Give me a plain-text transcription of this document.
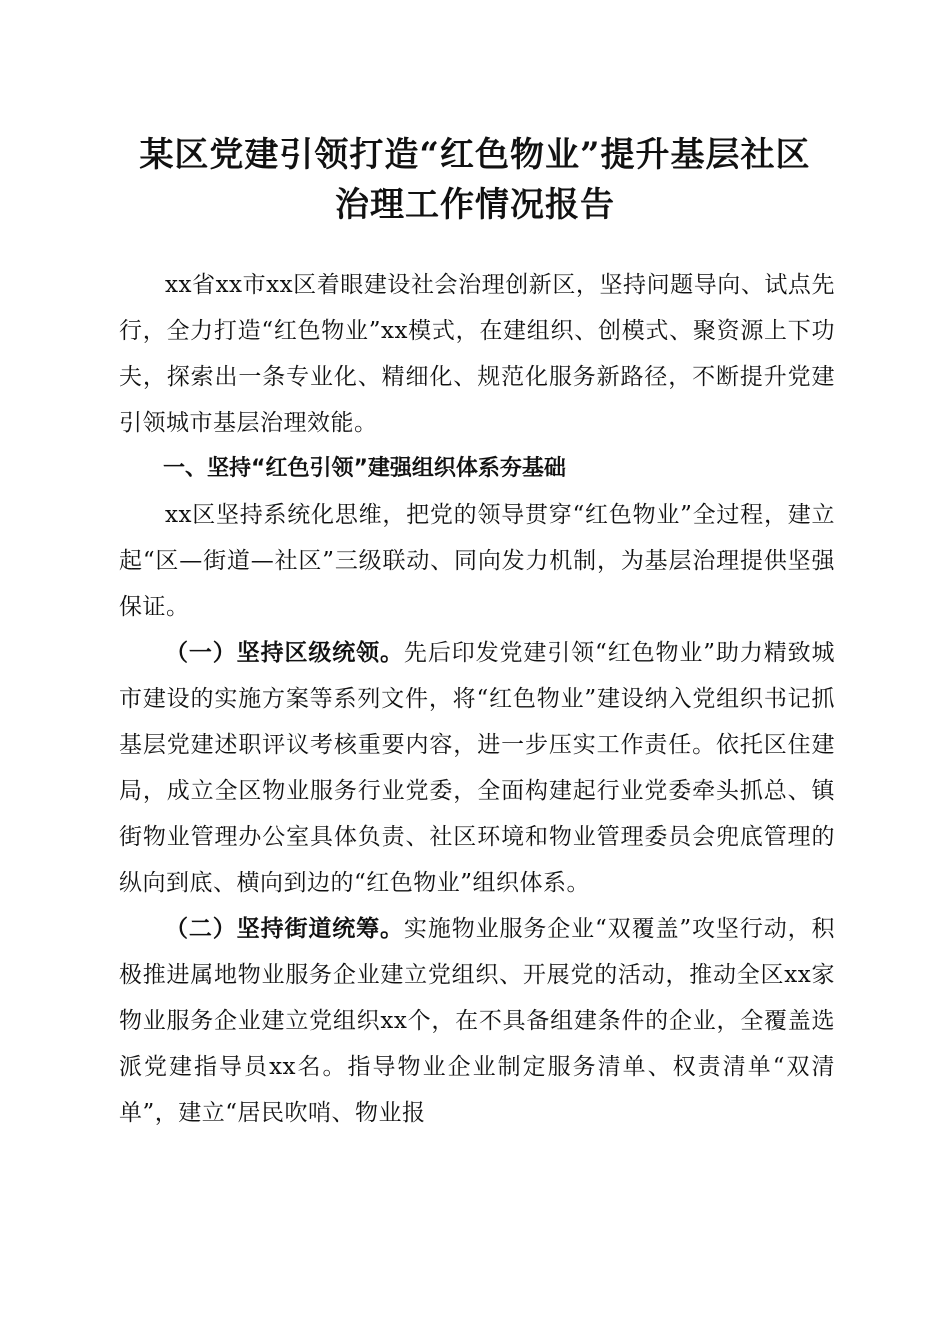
某区党建引领打造“红色物业”提升基层社区
治理工作情况报告

xx省xx市xx区着眼建设社会治理创新区，坚持问题导向、试点先行，全力打造“红色物业”xx模式，在建组织、创模式、聚资源上下功夫，探索出一条专业化、精细化、规范化服务新路径，不断提升党建引领城市基层治理效能。

一、坚持“红色引领”建强组织体系夯基础

xx区坚持系统化思维，把党的领导贯穿“红色物业”全过程，建立起“区—街道—社区”三级联动、同向发力机制，为基层治理提供坚强保证。

（一）坚持区级统领。先后印发党建引领“红色物业”助力精致城市建设的实施方案等系列文件，将“红色物业”建设纳入党组织书记抓基层党建述职评议考核重要内容，进一步压实工作责任。依托区住建局，成立全区物业服务行业党委，全面构建起行业党委牵头抓总、镇街物业管理办公室具体负责、社区环境和物业管理委员会兜底管理的纵向到底、横向到边的“红色物业”组织体系。

（二）坚持街道统筹。实施物业服务企业“双覆盖”攻坚行动，积极推进属地物业服务企业建立党组织、开展党的活动，推动全区xx家物业服务企业建立党组织xx个，在不具备组建条件的企业，全覆盖选派党建指导员xx名。指导物业企业制定服务清单、权责清单“双清单”，建立“居民吹哨、物业报
